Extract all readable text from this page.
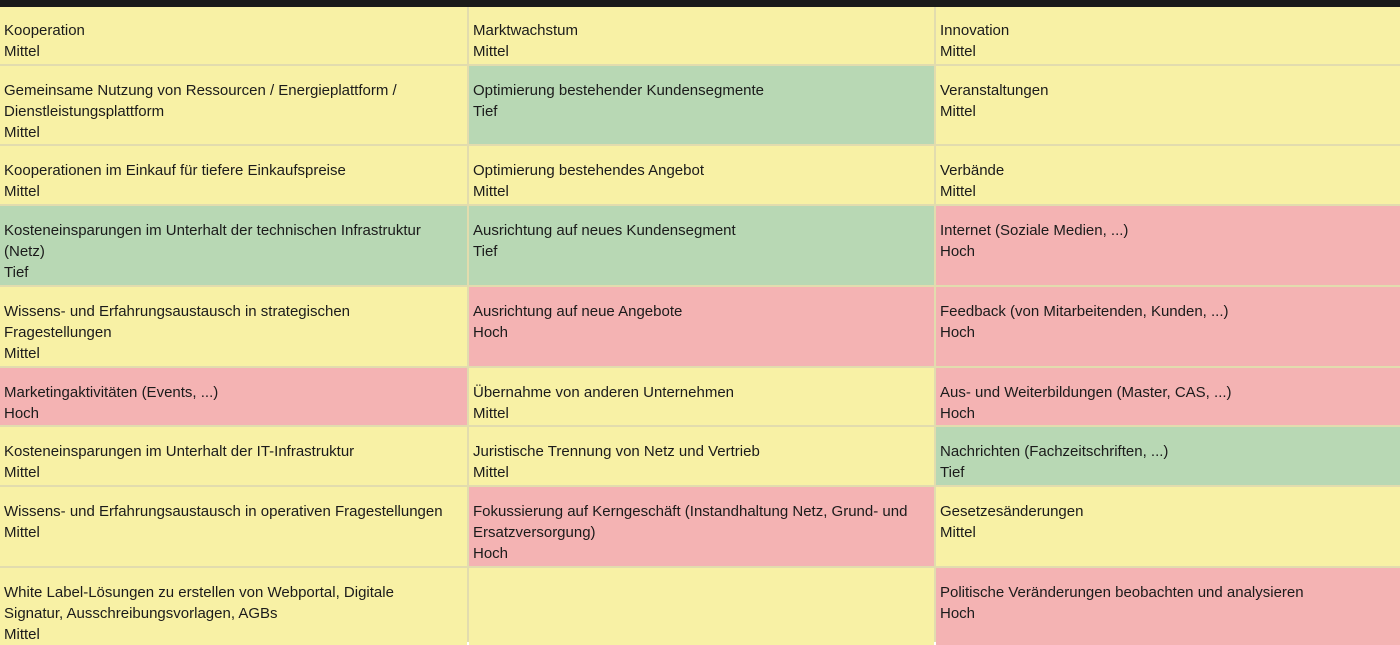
Kooperation
Mittel
Marktwachstum
Mittel
Innovation
Mittel
Gemeinsame Nutzung von Ressourcen / Energieplattform / Dienstleistungsplattform
Mittel
Optimierung bestehender Kundensegmente
Tief
Veranstaltungen
Mittel
Kooperationen im Einkauf für tiefere Einkaufspreise
Mittel
Optimierung bestehendes Angebot
Mittel
Verbände
Mittel
Kosteneinsparungen im Unterhalt der technischen Infrastruktur (Netz)
Tief
Ausrichtung auf neues Kundensegment
Tief
Internet (Soziale Medien, ...)
Hoch
Wissens- und Erfahrungsaustausch in strategischen Fragestellungen
Mittel
Ausrichtung auf neue Angebote
Hoch
Feedback (von Mitarbeitenden, Kunden, ...)
Hoch
Marketingaktivitäten (Events, ...)
Hoch
Übernahme von anderen Unternehmen
Mittel
Aus- und Weiterbildungen (Master, CAS, ...)
Hoch
Kosteneinsparungen im Unterhalt der IT-Infrastruktur
Mittel
Juristische Trennung von Netz und Vertrieb
Mittel
Nachrichten (Fachzeitschriften, ...)
Tief
Wissens- und Erfahrungsaustausch in operativen Fragestellungen
Mittel
Fokussierung auf Kerngeschäft (Instandhaltung Netz, Grund- und Ersatzversorgung)
Hoch
Gesetzesänderungen
Mittel
White Label-Lösungen zu erstellen von Webportal, Digitale Signatur, Ausschreibungsvorlagen, AGBs
Mittel
Politische Veränderungen beobachten und analysieren
Hoch
